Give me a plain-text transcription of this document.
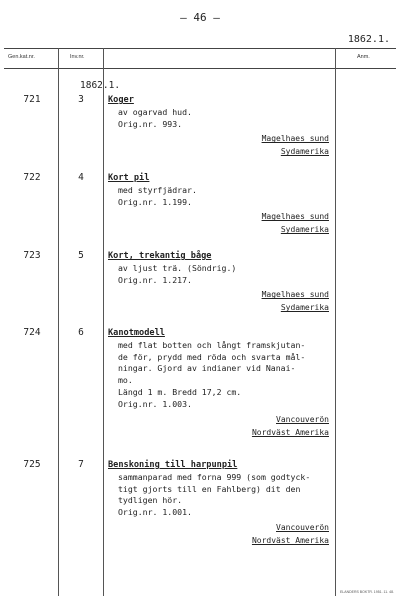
– 46 –
1862.1.
Gen.kat.nr.	Inv.nr.	Anm.
1862.1.
721	3	Koger
av ogarvad hud.
Orig.nr. 993.
Magelhaes sund
Sydamerika
722	4	Kort pil
med styrfjädrar.
Orig.nr. 1.199.
Magelhaes sund
Sydamerika
723	5	Kort, trekantig båge
av ljust trä. (Söndrig.)
Orig.nr. 1.217.
Magelhaes sund
Sydamerika
724	6	Kanotmodell
med flat botten och långt framskjutan-
de för, prydd med röda och svarta mål-
ningar. Gjord av indianer vid Nanai-
mo.
Längd 1 m. Bredd 17,2 cm.
Orig.nr. 1.003.
Vancouverön
Nordväst Amerika
725	7	Benskoning till harpunpil
sammanparad med forna 999 (som godtyck-
tigt gjorts till en Fahlberg) dit den
tydligen hör.
Orig.nr. 1.001.
Vancouverön
Nordväst Amerika
ELANDERS BOKTR. 1951. 11. 48.
